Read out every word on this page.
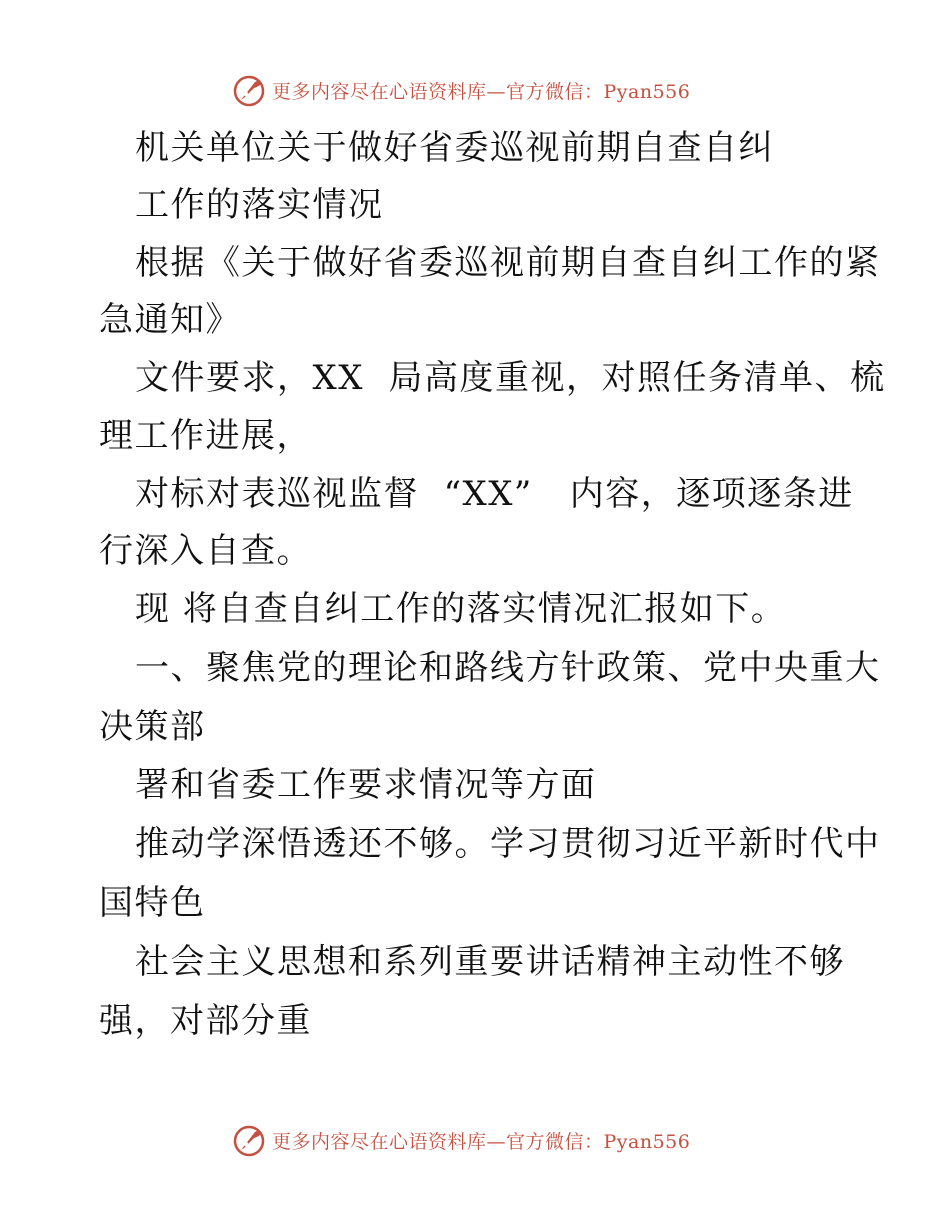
更多内容尽在心语资料库—官方微信：Pyan556
机关单位关于做好省委巡视前期自查自纠
工作的落实情况
根据《关于做好省委巡视前期自查自纠工作的紧
急通知》
文件要求，XX  局高度重视，对照任务清单、梳
理工作进展，
对标对表巡视监督  “XX”   内容，逐项逐条进
行深入自查。
现 将自查自纠工作的落实情况汇报如下。
一、聚焦党的理论和路线方针政策、党中央重大
决策部
署和省委工作要求情况等方面
推动学深悟透还不够。学习贯彻习近平新时代中
国特色
社会主义思想和系列重要讲话精神主动性不够
强，对部分重
更多内容尽在心语资料库—官方微信：Pyan556
